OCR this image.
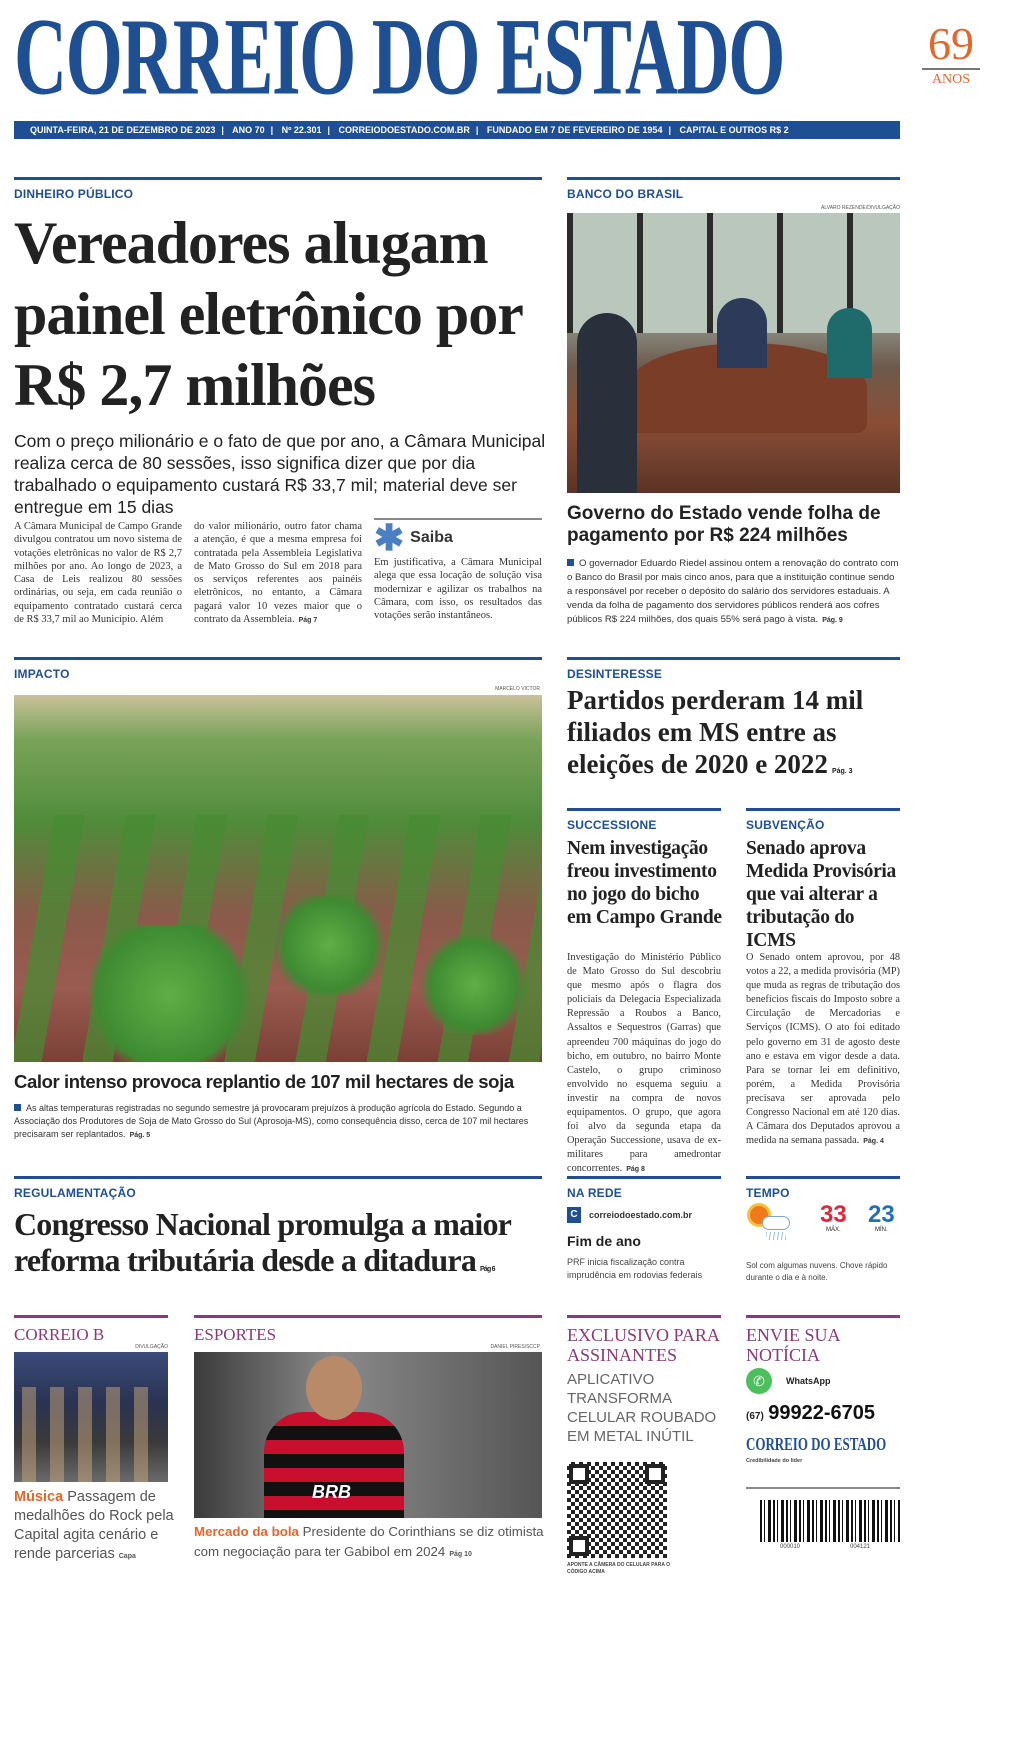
CORREIO DO ESTADO	69
ANOS
QUINTA-FEIRA, 21 DE DEZEMBRO DE 2023 | ANO 70 | Nº 22.301 | CORREIODOESTADO.COM.BR | FUNDADO EM 7 DE FEVEREIRO DE 1954 | CAPITAL E OUTROS R$ 2
DINHEIRO PÚBLICO
Vereadores alugam painel eletrônico por R$ 2,7 milhões
Com o preço milionário e o fato de que por ano, a Câmara Municipal realiza cerca de 80 sessões, isso significa dizer que por dia trabalhado o equipamento custará R$ 33,7 mil; material deve ser entregue em 15 dias
A Câmara Municipal de Campo Grande divulgou contratou um novo sistema de votações eletrônicas no valor de R$ 2,7 milhões por ano. Ao longo de 2023, a Casa de Leis realizou 80 sessões ordinárias, ou seja, em cada reunião o equipamento contratado custará cerca de R$ 33,7 mil ao Município. Além
do valor milionário, outro fator chama a atenção, é que a mesma empresa foi contratada pela Assembleia Legislativa de Mato Grosso do Sul em 2018 para os serviços referentes aos painéis eletrônicos, no entanto, a Câmara pagará valor 10 vezes maior que o contrato da Assembleia. Pág 7
✱ Saiba
Em justificativa, a Câmara Municipal alega que essa locação de solução visa modernizar e agilizar os trabalhos na Câmara, com isso, os resultados das votações serão instantâneos.
BANCO DO BRASIL
ÁLVARO REZENDE/DIVULGAÇÃO
Governo do Estado vende folha de pagamento por R$ 224 milhões
O governador Eduardo Riedel assinou ontem a renovação do contrato com o Banco do Brasil por mais cinco anos, para que a instituição continue sendo a responsável por receber o depósito do salário dos servidores estaduais. A venda da folha de pagamento dos servidores públicos renderá aos cofres públicos R$ 224 milhões, dos quais 55% será pago à vista. Pág. 9
IMPACTO
MARCELO VICTOR
Calor intenso provoca replantio de 107 mil hectares de soja
As altas temperaturas registradas no segundo semestre já provocaram prejuízos à produção agrícola do Estado. Segundo a Associação dos Produtores de Soja de Mato Grosso do Sul (Aprosoja-MS), como consequência disso, cerca de 107 mil hectares precisaram ser replantados. Pág. 5
DESINTERESSE
Partidos perderam 14 mil filiados em MS entre as eleições de 2020 e 2022 Pág. 3
SUCCESSIONE
Nem investigação freou investimento no jogo do bicho em Campo Grande
Investigação do Ministério Público de Mato Grosso do Sul descobriu que mesmo após o flagra dos policiais da Delegacia Especializada Repressão a Roubos a Banco, Assaltos e Sequestros (Garras) que apreendeu 700 máquinas do jogo do bicho, em outubro, no bairro Monte Castelo, o grupo criminoso envolvido no esquema seguiu a investir na compra de novos equipamentos. O grupo, que agora foi alvo da segunda etapa da Operação Successione, usava de ex-militares para amedrontar concorrentes. Pág 8
SUBVENÇÃO
Senado aprova Medida Provisória que vai alterar a tributação do ICMS
O Senado ontem aprovou, por 48 votos a 22, a medida provisória (MP) que muda as regras de tributação dos benefícios fiscais do Imposto sobre a Circulação de Mercadorias e Serviços (ICMS). O ato foi editado pelo governo em 31 de agosto deste ano e estava em vigor desde a data. Para se tornar lei em definitivo, porém, a Medida Provisória precisava ser aprovada pelo Congresso Nacional em até 120 dias. A Câmara dos Deputados aprovou a medida na semana passada. Pág. 4
REGULAMENTAÇÃO
Congresso Nacional promulga a maior reforma tributária desde a ditadura Pág 6
NA REDE
C	correiodoestado.com.br
Fim de ano
PRF inicia fiscalização contra imprudência em rodovias federais
TEMPO
33
MÁX.
23
MÍN.
Sol com algumas nuvens. Chove rápido durante o dia e à noite.
CORREIO B
DIVULGAÇÃO
Música Passagem de medalhões do Rock pela Capital agita cenário e rende parcerias Capa
ESPORTES
DANIEL PIRES/SCCP
BRB
Mercado da bola Presidente do Corinthians se diz otimista com negociação para ter Gabibol em 2024 Pág 10
EXCLUSIVO PARA ASSINANTES
APLICATIVO TRANSFORMA CELULAR ROUBADO EM METAL INÚTIL
APONTE A CÂMERA DO CELULAR PARA O CÓDIGO ACIMA
ENVIE SUA NOTÍCIA
✆	WhatsApp
(67) 99922-6705
CORREIO DO ESTADO
Credibilidade do líder
000010	004121
